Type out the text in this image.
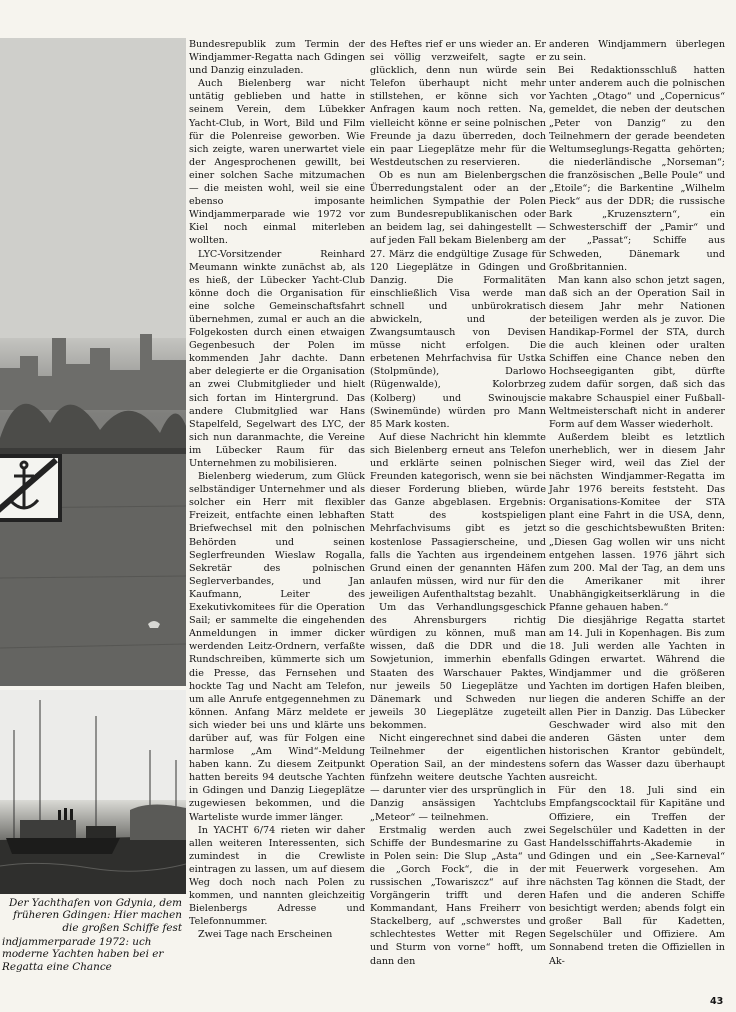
Der Yachthafen von Gdynia, dem früheren Gdingen: Hier machen die großen Schiffe fest
indjammerparade 1972: uch moderne Yachten haben bei er Regatta eine Chance

Bundesrepublik zum Termin der Windjammer-Regatta nach Gdingen und Danzig einzuladen.

Auch Bielenberg war nicht untätig geblieben und hatte in seinem Verein, dem Lübekker Yacht-Club, in Wort, Bild und Film für die Polenreise geworben. Wie sich zeigte, waren unerwartet viele der Angesprochenen gewillt, bei einer solchen Sache mitzumachen — die meisten wohl, weil sie eine ebenso imposante Windjammerparade wie 1972 vor Kiel noch einmal miterleben wollten.

LYC-Vorsitzender Reinhard Meumann winkte zunächst ab, als es hieß, der Lübecker Yacht-Club könne doch die Organisation für eine solche Gemeinschaftsfahrt übernehmen, zumal er auch an die Folgekosten durch einen etwaigen Gegenbesuch der Polen im kommenden Jahr dachte. Dann aber delegierte er die Organisation an zwei Clubmitglieder und hielt sich fortan im Hintergrund. Das andere Clubmitglied war Hans Stapelfeld, Segelwart des LYC, der sich nun daranmachte, die Vereine im Lübecker Raum für das Unternehmen zu mobilisieren.

Bielenberg wiederum, zum Glück selbständiger Unternehmer und als solcher ein Herr mit flexibler Freizeit, entfachte einen lebhaften Briefwechsel mit den polnischen Behörden und seinen Seglerfreunden Wieslaw Rogalla, Sekretär des polnischen Seglerverbandes, und Jan Kaufmann, Leiter des Exekutivkomitees für die Operation Sail; er sammelte die eingehenden Anmeldungen in immer dicker werdenden Leitz-Ordnern, verfaßte Rundschreiben, kümmerte sich um die Presse, das Fernsehen und hockte Tag und Nacht am Telefon, um alle Anrufe entgegennehmen zu können. Anfang März meldete er sich wieder bei uns und klärte uns darüber auf, was für Folgen eine harmlose „Am Wind“-Meldung haben kann. Zu diesem Zeitpunkt hatten bereits 94 deutsche Yachten in Gdingen und Danzig Liegeplätze zugewiesen bekommen, und die Warteliste wurde immer länger.

In YACHT 6/74 rieten wir daher allen weiteren Interessenten, sich zumindest in die Crewliste eintragen zu lassen, um auf diesem Weg doch noch nach Polen zu kommen, und nannten gleichzeitig Bielenbergs Adresse und Telefonnummer.

Zwei Tage nach Erscheinen

des Heftes rief er uns wieder an. Er sei völlig verzweifelt, sagte er glücklich, denn nun würde sein Telefon überhaupt nicht mehr stillstehen, er könne sich vor Anfragen kaum noch retten. Na, vielleicht könne er seine polnischen Freunde ja dazu überreden, doch ein paar Liegeplätze mehr für die Westdeutschen zu reservieren.

Ob es nun am Bielenbergschen Überredungstalent oder an der heimlichen Sympathie der Polen zum Bundesrepublikanischen oder an beidem lag, sei dahingestellt — auf jeden Fall bekam Bielenberg am 27. März die endgültige Zusage für 120 Liegeplätze in Gdingen und Danzig. Die Formalitäten einschließlich Visa werde man schnell und unbürokratisch abwickeln, und der Zwangsumtausch von Devisen müsse nicht erfolgen. Die erbetenen Mehrfachvisa für Ustka (Stolpmünde), Darlowo (Rügenwalde), Kolorbrzeg (Kolberg) und Swinoujscie (Swinemünde) würden pro Mann 85 Mark kosten.

Auf diese Nachricht hin klemmte sich Bielenberg erneut ans Telefon und erklärte seinen polnischen Freunden kategorisch, wenn sie bei dieser Forderung blieben, würde das Ganze abgeblasen. Ergebnis: Statt des kostspieligen Mehrfachvisums gibt es jetzt kostenlose Passagierscheine, und falls die Yachten aus irgendeinem Grund einen der genannten Häfen anlaufen müssen, wird nur für den jeweiligen Aufenthaltstag bezahlt.

Um das Verhandlungsgeschick des Ahrensburgers richtig würdigen zu können, muß man wissen, daß die DDR und die Sowjetunion, immerhin ebenfalls Staaten des Warschauer Paktes, nur jeweils 50 Liegeplätze und Dänemark und Schweden nur jeweils 30 Liegeplätze zugeteilt bekommen.

Nicht eingerechnet sind dabei die Teilnehmer der eigentlichen Operation Sail, an der mindestens fünfzehn weitere deutsche Yachten — darunter vier des ursprünglich in Danzig ansässigen Yachtclubs „Meteor“ — teilnehmen.

Erstmalig werden auch zwei Schiffe der Bundesmarine zu Gast in Polen sein: Die Slup „Asta“ und die „Gorch Fock“, die in der russischen „Towariszcz“ auf ihre Vorgängerin trifft und deren Kommandant, Hans Freiherr von Stackelberg, auf „schwerstes und schlechtestes Wetter mit Regen und Sturm von vorne“ hofft, um dann den

anderen Windjammern überlegen zu sein.

Bei Redaktionsschluß hatten unter anderem auch die polnischen Yachten „Otago“ und „Copernicus“ gemeldet, die neben der deutschen „Peter von Danzig“ zu den Teilnehmern der gerade beendeten Weltumseglungs-Regatta gehörten; die niederländische „Norseman“; die französischen „Belle Poule“ und „Etoile“; die Barkentine „Wilhelm Pieck“ aus der DDR; die russische Bark „Kruzensztern“, ein Schwesterschiff der „Pamir“ und der „Passat“; Schiffe aus Schweden, Dänemark und Großbritannien.

Man kann also schon jetzt sagen, daß sich an der Operation Sail in diesem Jahr mehr Nationen beteiligen werden als je zuvor. Die Handikap-Formel der STA, durch die auch kleinen oder uralten Schiffen eine Chance neben den Hochseegiganten gibt, dürfte zudem dafür sorgen, daß sich das makabre Schauspiel einer Fußball-Weltmeisterschaft nicht in anderer Form auf dem Wasser wiederholt.

Außerdem bleibt es letztlich unerheblich, wer in diesem Jahr Sieger wird, weil das Ziel der nächsten Windjammer-Regatta im Jahr 1976 bereits feststeht. Das Organisations-Komitee der STA plant eine Fahrt in die USA, denn, so die geschichtsbewußten Briten: „Diesen Gag wollen wir uns nicht entgehen lassen. 1976 jährt sich zum 200. Mal der Tag, an dem uns die Amerikaner mit ihrer Unabhängigkeitserklärung in die Pfanne gehauen haben.“

Die diesjährige Regatta startet am 14. Juli in Kopenhagen. Bis zum 18. Juli werden alle Yachten in Gdingen erwartet. Während die Windjammer und die größeren Yachten im dortigen Hafen bleiben, liegen die anderen Schiffe an der allen Pier in Danzig. Das Lübecker Geschwader wird also mit den anderen Gästen unter dem historischen Krantor gebündelt, sofern das Wasser dazu überhaupt ausreicht.

Für den 18. Juli sind ein Empfangscocktail für Kapitäne und Offiziere, ein Treffen der Segelschüler und Kadetten in der Handelsschiffahrts-Akademie in Gdingen und ein „See-Karneval“ mit Feuerwerk vorgesehen. Am nächsten Tag können die Stadt, der Hafen und die anderen Schiffe besichtigt werden; abends folgt ein großer Ball für Kadetten, Segelschüler und Offiziere. Am Sonnabend treten die Offiziellen in Ak-

43
